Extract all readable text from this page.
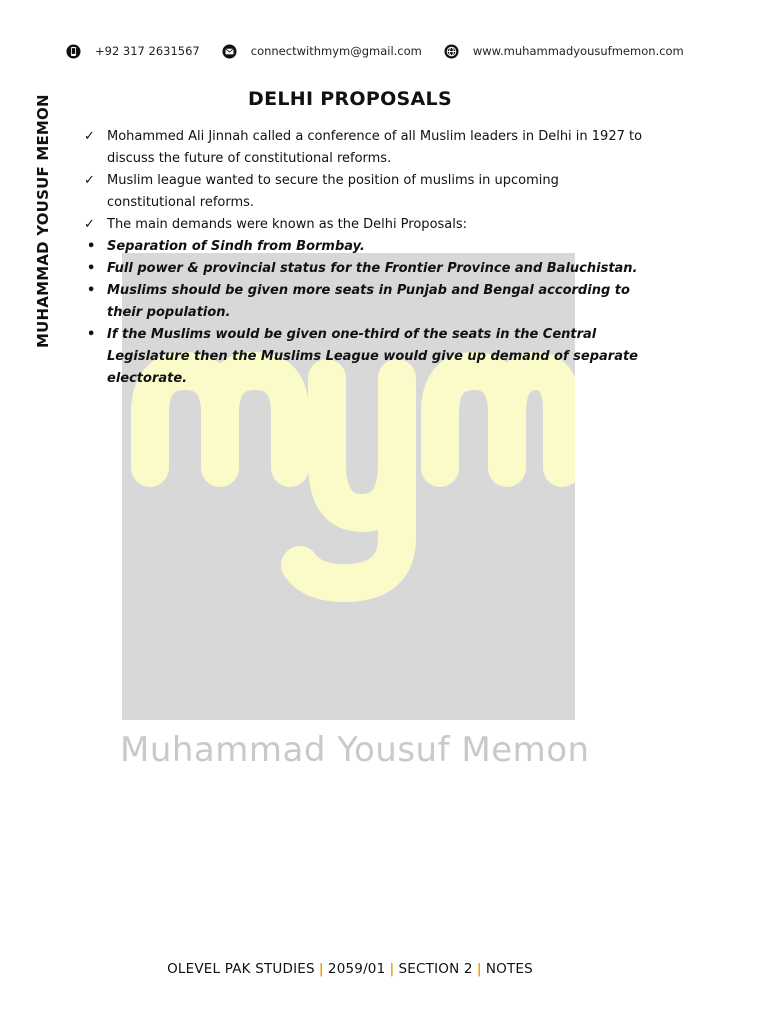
+92 317 2631567	connectwithmym@gmail.com	www.muhammadyousufmemon.com
MUHAMMAD YOUSUF MEMON
Muhammad Yousuf Memon
DELHI PROPOSALS
✓ Mohammed Ali Jinnah called a conference of all Muslim leaders in Delhi in 1927 to discuss the future of constitutional reforms.
✓ Muslim league wanted to secure the position of muslims in upcoming constitutional reforms.
✓ The main demands were known as the Delhi Proposals:
• Separation of Sindh from Bormbay.
• Full power & provincial status for the Frontier Province and Baluchistan.
• Muslims should be given more seats in Punjab and Bengal according to their population.
• If the Muslims would be given one-third of the seats in the Central Legislature then the Muslims League would give up demand of separate electorate.
OLEVEL PAK STUDIES | 2059/01 | SECTION 2 | NOTES
